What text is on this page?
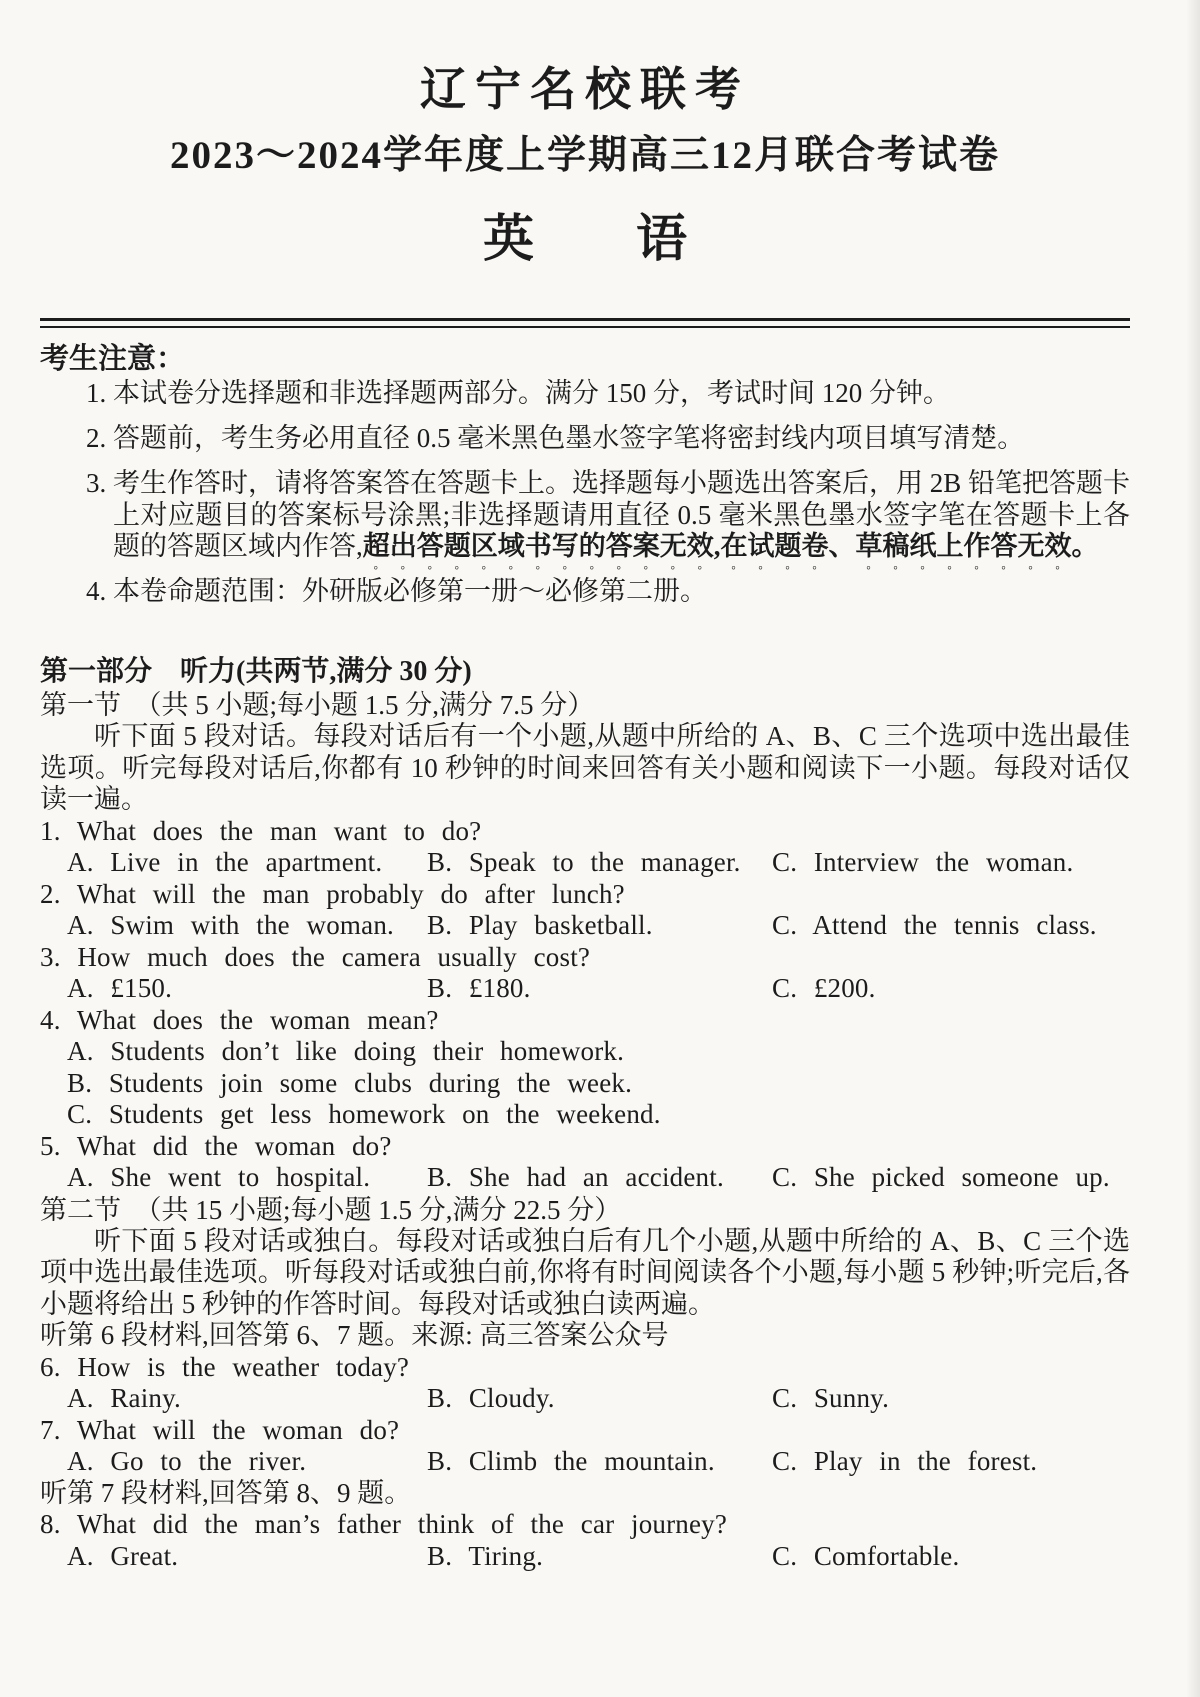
辽宁名校联考
2023～2024学年度上学期高三12月联合考试卷
英　　语
考生注意：

1. 本试卷分选择题和非选择题两部分。满分 150 分，考试时间 120 分钟。

2. 答题前，考生务必用直径 0.5 毫米黑色墨水签字笔将密封线内项目填写清楚。

3. 考生作答时，请将答案答在答题卡上。选择题每小题选出答案后，用 2B 铅笔把答题卡上对应题目的答案标号涂黑;非选择题请用直径 0.5 毫米黑色墨水签字笔在答题卡上各题的答题区域内作答,超出答题区域书写的答案无效,在试题卷、草稿纸上作答无效。

4. 本卷命题范围：外研版必修第一册～必修第二册。

第一部分　听力(共两节,满分 30 分)
第一节　（共 5 小题;每小题 1.5 分,满分 7.5 分）

听下面 5 段对话。每段对话后有一个小题,从题中所给的 A、B、C 三个选项中选出最佳选项。听完每段对话后,你都有 10 秒钟的时间来回答有关小题和阅读下一小题。每段对话仅读一遍。

1. What does the man want to do?

A. Live in the apartment.	B. Speak to the manager.	C. Interview the woman.

2. What will the man probably do after lunch?

A. Swim with the woman.	B. Play basketball.	C. Attend the tennis class.

3. How much does the camera usually cost?

A. £150.	B. £180.	C. £200.

4. What does the woman mean?

A. Students don’t like doing their homework.
B. Students join some clubs during the week.
C. Students get less homework on the weekend.

5. What did the woman do?

A. She went to hospital.	B. She had an accident.	C. She picked someone up.
第二节　（共 15 小题;每小题 1.5 分,满分 22.5 分）

听下面 5 段对话或独白。每段对话或独白后有几个小题,从题中所给的 A、B、C 三个选项中选出最佳选项。听每段对话或独白前,你将有时间阅读各个小题,每小题 5 秒钟;听完后,各小题将给出 5 秒钟的作答时间。每段对话或独白读两遍。

听第 6 段材料,回答第 6、7 题。来源: 高三答案公众号

6. How is the weather today?

A. Rainy.	B. Cloudy.	C. Sunny.

7. What will the woman do?

A. Go to the river.	B. Climb the mountain.	C. Play in the forest.

听第 7 段材料,回答第 8、9 题。

8. What did the man’s father think of the car journey?

A. Great.	B. Tiring.	C. Comfortable.
